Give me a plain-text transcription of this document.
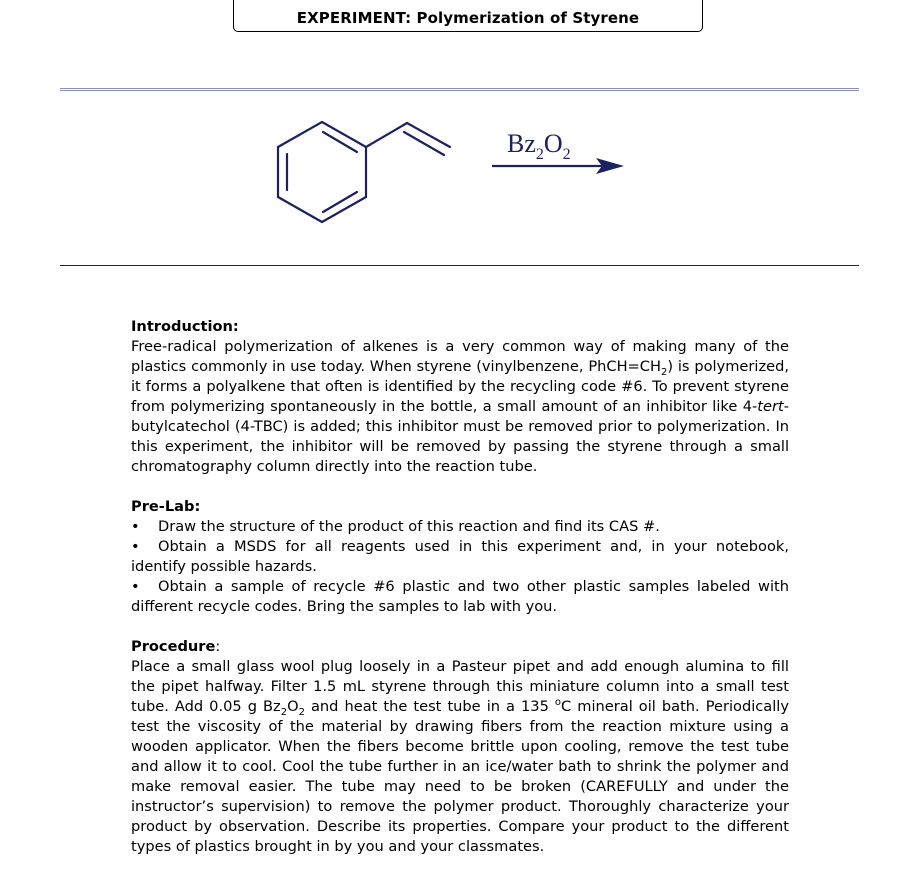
EXPERIMENT: Polymerization of Styrene
$Bz_2O_2$
Introduction:

Free-radical polymerization of alkenes is a very common way of making many of the plastics commonly in use today. When styrene (vinylbenzene, $PhCH=CH_2$) is polymerized, it forms a polyalkene that often is identified by the recycling code #6. To prevent styrene from polymerizing spontaneously in the bottle, a small amount of an inhibitor like 4-tert-butylcatechol (4-TBC) is added; this inhibitor must be removed prior to polymerization. In this experiment, the inhibitor will be removed by passing the styrene through a small chromatography column directly into the reaction tube.

Pre-Lab:
• Draw the structure of the product of this reaction and find its CAS #.
• Obtain a MSDS for all reagents used in this experiment and, in your notebook, identify possible hazards.
• Obtain a sample of recycle #6 plastic and two other plastic samples labeled with different recycle codes. Bring the samples to lab with you.
Procedure:

Place a small glass wool plug loosely in a Pasteur pipet and add enough alumina to fill the pipet halfway. Filter 1.5 mL styrene through this miniature column into a small test tube. Add 0.05 g $Bz_2O_2$ and heat the test tube in a 135 $^o$C mineral oil bath. Periodically test the viscosity of the material by drawing fibers from the reaction mixture using a wooden applicator. When the fibers become brittle upon cooling, remove the test tube and allow it to cool. Cool the tube further in an ice/water bath to shrink the polymer and make removal easier. The tube may need to be broken (CAREFULLY and under the instructor’s supervision) to remove the polymer product. Thoroughly characterize your product by observation. Describe its properties. Compare your product to the different types of plastics brought in by you and your classmates.
